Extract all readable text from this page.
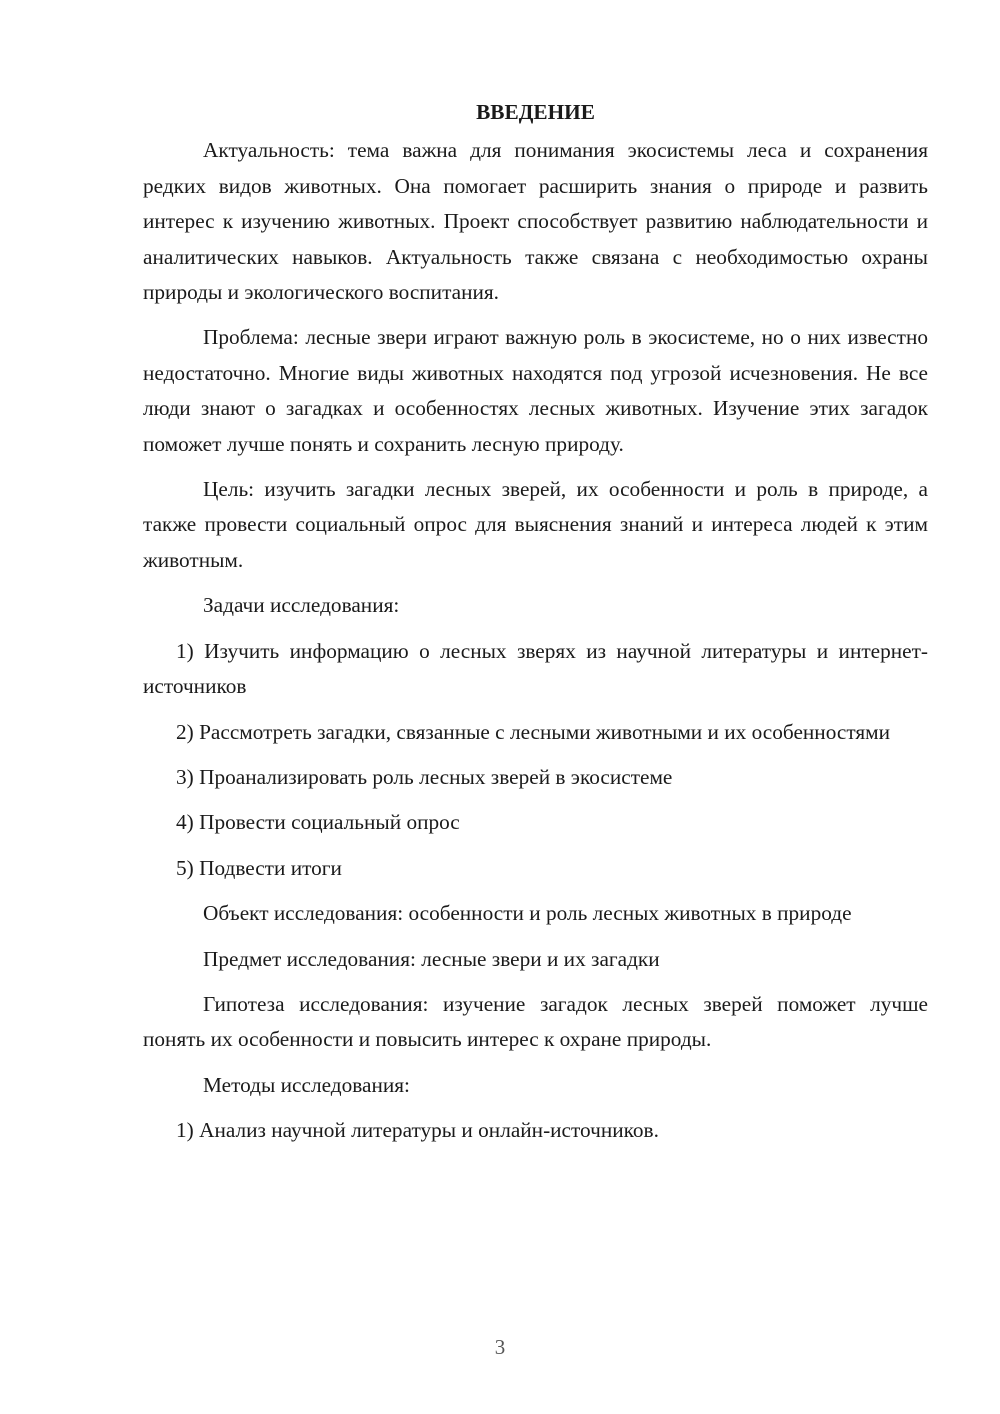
ВВЕДЕНИЕ

Актуальность: тема важна для понимания экосистемы леса и сохранения редких видов животных. Она помогает расширить знания о природе и развить интерес к изучению животных. Проект способствует развитию наблюдательности и аналитических навыков. Актуальность также связана с необходимостью охраны природы и экологического воспитания.

Проблема: лесные звери играют важную роль в экосистеме, но о них известно недостаточно. Многие виды животных находятся под угрозой исчезновения. Не все люди знают о загадках и особенностях лесных животных. Изучение этих загадок поможет лучше понять и сохранить лесную природу.

Цель: изучить загадки лесных зверей, их особенности и роль в природе, а также провести социальный опрос для выяснения знаний и интереса людей к этим животным.

Задачи исследования:

1) Изучить информацию о лесных зверях из научной литературы и интернет-источников

2) Рассмотреть загадки, связанные с лесными животными и их особенностями

3) Проанализировать роль лесных зверей в экосистеме

4) Провести социальный опрос

5) Подвести итоги

Объект исследования: особенности и роль лесных животных в природе

Предмет исследования: лесные звери и их загадки

Гипотеза исследования: изучение загадок лесных зверей поможет лучше понять их особенности и повысить интерес к охране природы.

Методы исследования:

1) Анализ научной литературы и онлайн-источников.

3
